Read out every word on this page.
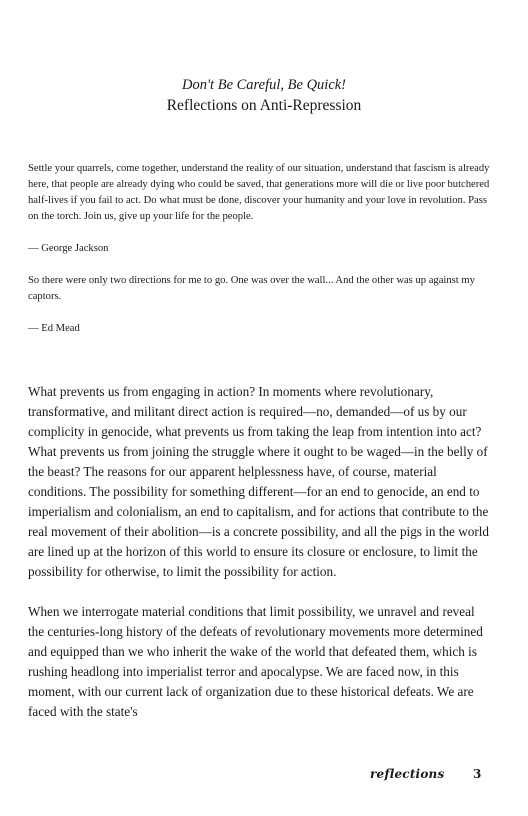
Don't Be Careful, Be Quick!

Reflections on Anti-Repression

Settle your quarrels, come together, understand the reality of our situation, understand that fascism is already here, that people are already dying who could be saved, that generations more will die or live poor butchered half-lives if you fail to act. Do what must be done, discover your humanity and your love in revolution. Pass on the torch. Join us, give up your life for the people.

— George Jackson

So there were only two directions for me to go. One was over the wall... And the other was up against my captors.

— Ed Mead

What prevents us from engaging in action? In moments where revolutionary, transformative, and militant direct action is required—no, demanded—of us by our complicity in genocide, what prevents us from taking the leap from intention into act? What prevents us from joining the struggle where it ought to be waged—in the belly of the beast? The reasons for our apparent helplessness have, of course, material conditions. The possibility for something different—for an end to genocide, an end to imperialism and colonialism, an end to capitalism, and for actions that contribute to the real movement of their abolition—is a concrete possibility, and all the pigs in the world are lined up at the horizon of this world to ensure its closure or enclosure, to limit the possibility for otherwise, to limit the possibility for action.

When we interrogate material conditions that limit possibility, we unravel and reveal the centuries-long history of the defeats of revolutionary movements more determined and equipped than we who inherit the wake of the world that defeated them, which is rushing headlong into imperialist terror and apocalypse. We are faced now, in this moment, with our current lack of organization due to these historical defeats. We are faced with the state's

reflections 3
